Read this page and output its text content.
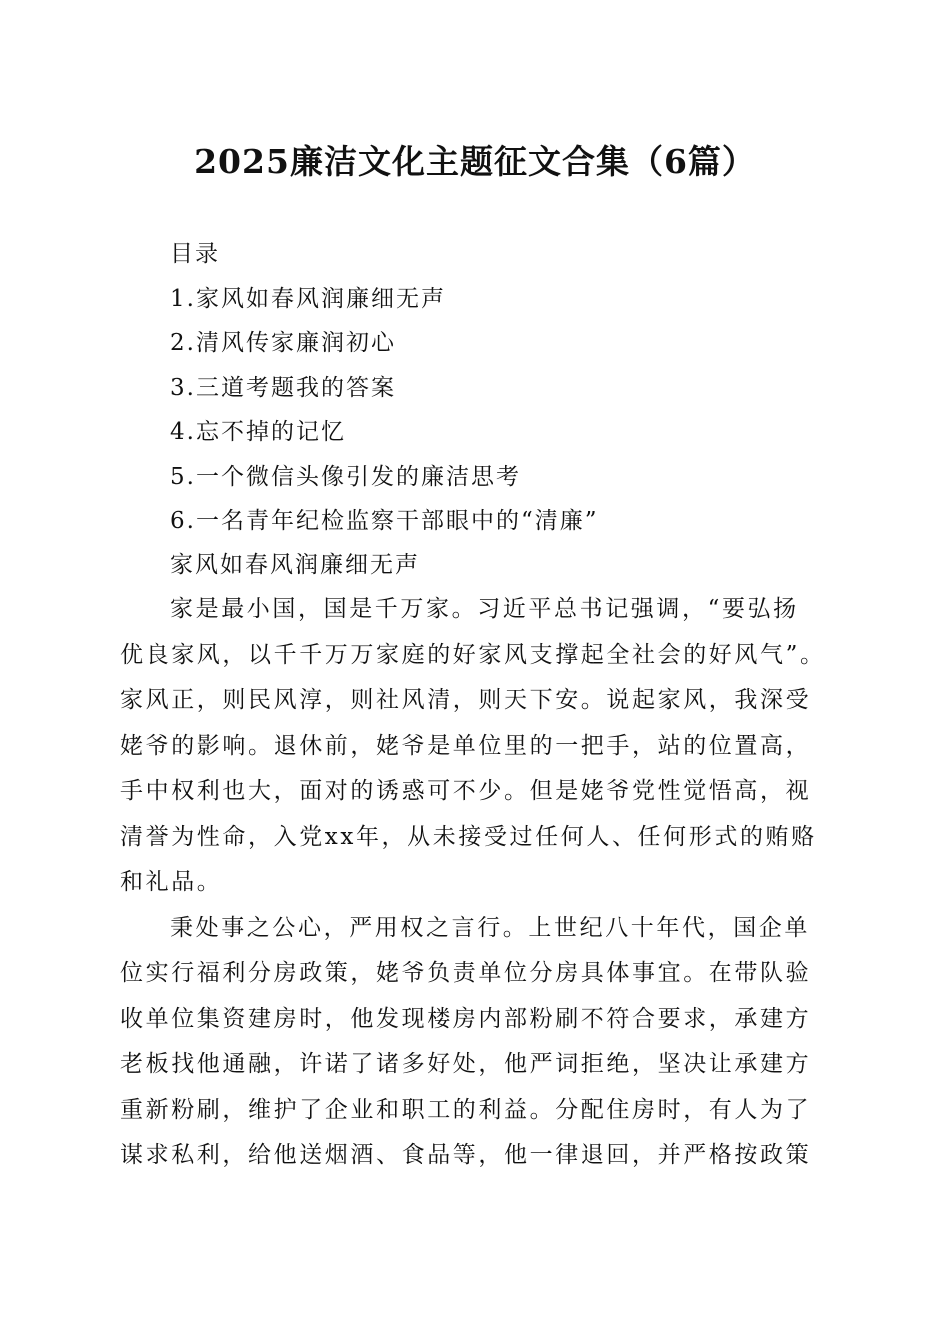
2025廉洁文化主题征文合集（6篇）
目录
1.家风如春风润廉细无声
2.清风传家廉润初心
3.三道考题我的答案
4.忘不掉的记忆
5.一个微信头像引发的廉洁思考
6.一名青年纪检监察干部眼中的“清廉”
家风如春风润廉细无声

家是最小国，国是千万家。习近平总书记强调，“要弘扬

优良家风，以千千万万家庭的好家风支撑起全社会的好风气”。

家风正，则民风淳，则社风清，则天下安。说起家风，我深受

姥爷的影响。退休前，姥爷是单位里的一把手，站的位置高，

手中权利也大，面对的诱惑可不少。但是姥爷党性觉悟高，视

清誉为性命，入党xx年，从未接受过任何人、任何形式的贿赂

和礼品。

秉处事之公心，严用权之言行。上世纪八十年代，国企单

位实行福利分房政策，姥爷负责单位分房具体事宜。在带队验

收单位集资建房时，他发现楼房内部粉刷不符合要求，承建方

老板找他通融，许诺了诸多好处，他严词拒绝，坚决让承建方

重新粉刷，维护了企业和职工的利益。分配住房时，有人为了

谋求私利，给他送烟酒、食品等，他一律退回，并严格按政策
